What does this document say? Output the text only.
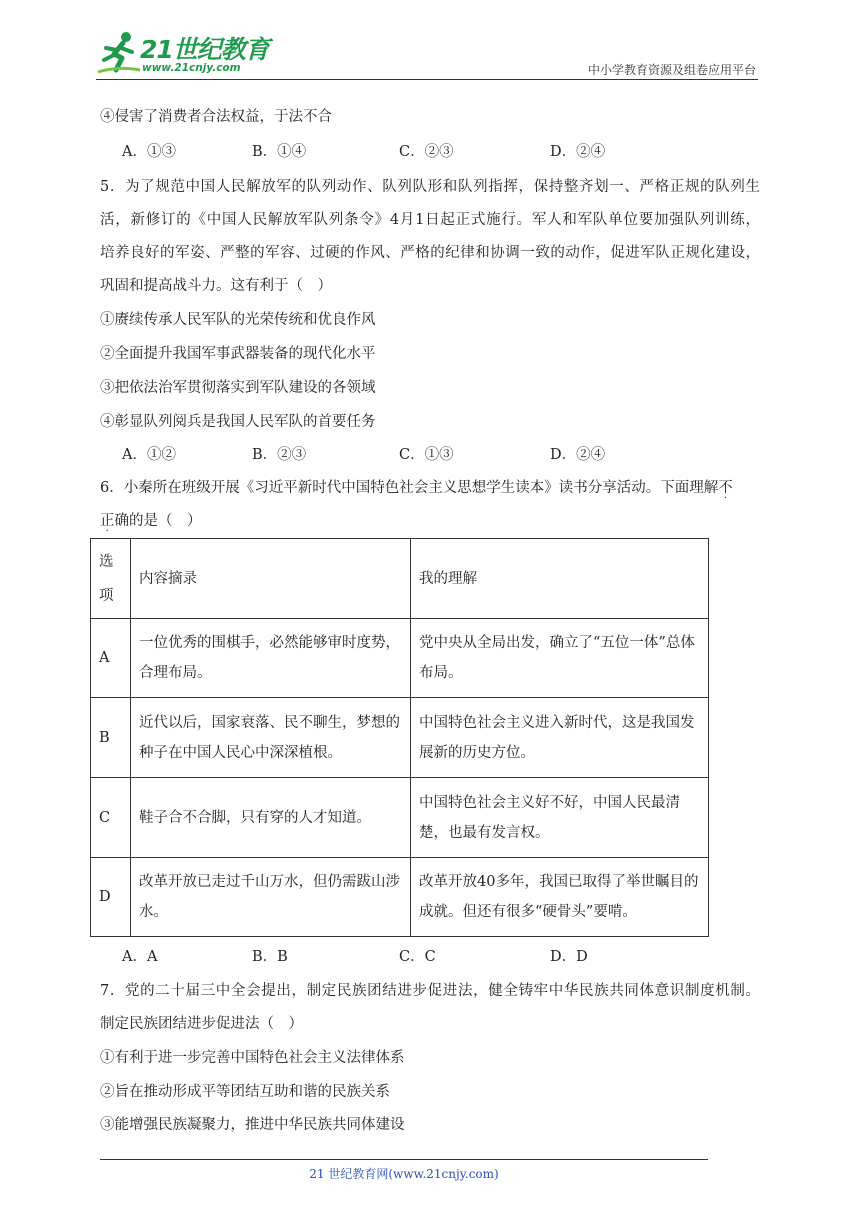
21世纪教育
www.21cnjy.com	中小学教育资源及组卷应用平台
④侵害了消费者合法权益，于法不合
A．①③	B．①④	C．②③	D．②④
5．为了规范中国人民解放军的队列动作、队列队形和队列指挥，保持整齐划一、严格正规的队列生
活，新修订的《中国人民解放军队列条令》4月1日起正式施行。军人和军队单位要加强队列训练，
培养良好的军姿、严整的军容、过硬的作风、严格的纪律和协调一致的动作，促进军队正规化建设，
巩固和提高战斗力。这有利于（　）
①赓续传承人民军队的光荣传统和优良作风
②全面提升我国军事武器装备的现代化水平
③把依法治军贯彻落实到军队建设的各领域
④彰显队列阅兵是我国人民军队的首要任务
A．①②	B．②③	C．①③	D．②④
6．小秦所在班级开展《习近平新时代中国特色社会主义思想学生读本》读书分享活动。下面理解不
·
正
·
确的是（　）
选项	内容摘录	我的理解
A	一位优秀的围棋手，必然能够审时度势，合理布局。	党中央从全局出发，确立了“五位一体”总体布局。
B	近代以后，国家衰落、民不聊生，梦想的种子在中国人民心中深深植根。	中国特色社会主义进入新时代，这是我国发展新的历史方位。
C	鞋子合不合脚，只有穿的人才知道。	中国特色社会主义好不好，中国人民最清楚，也最有发言权。
D	改革开放已走过千山万水，但仍需跋山涉水。	改革开放40多年，我国已取得了举世瞩目的成就。但还有很多“硬骨头”要啃。
A．A	B．B	C．C	D．D
7．党的二十届三中全会提出，制定民族团结进步促进法，健全铸牢中华民族共同体意识制度机制。
制定民族团结进步促进法（　）
①有利于进一步完善中国特色社会主义法律体系
②旨在推动形成平等团结互助和谐的民族关系
③能增强民族凝聚力，推进中华民族共同体建设
21 世纪教育网(www.21cnjy.com)
